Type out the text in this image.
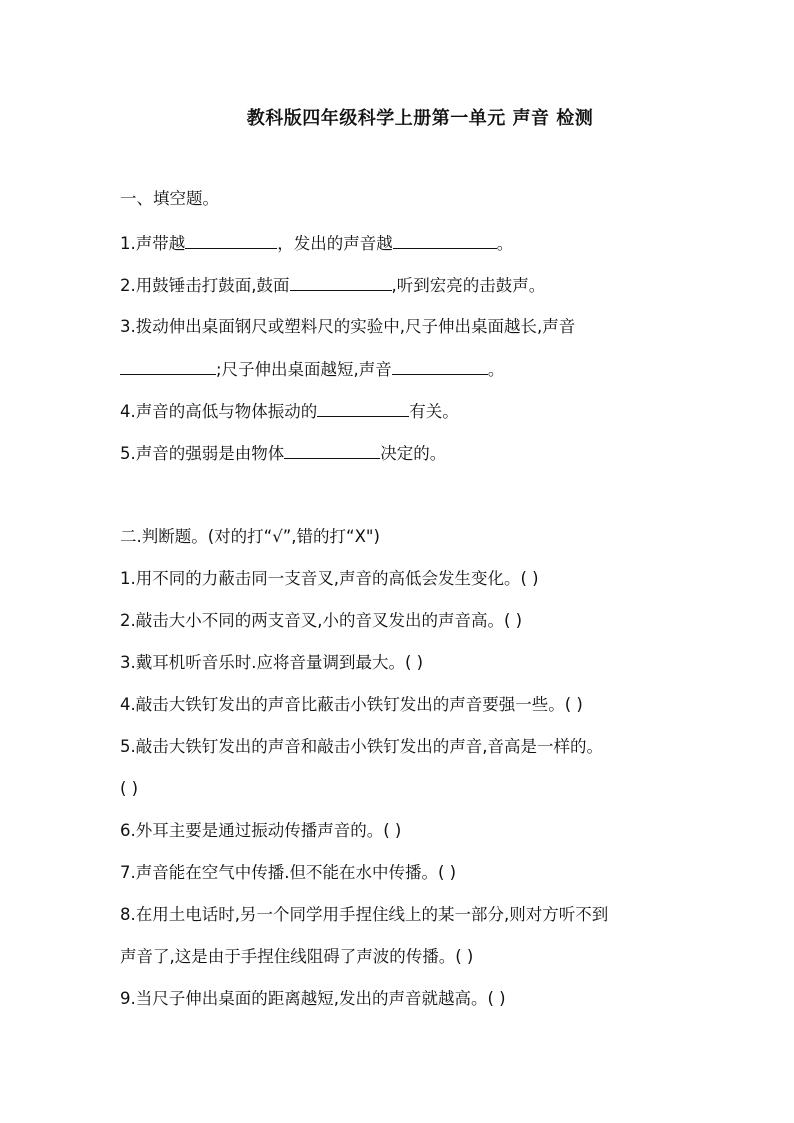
教科版四年级科学上册第一单元 声音 检测
一、填空题。
1.声带越	，发出的声音越	。
2.用鼓锤击打鼓面,鼓面	,听到宏亮的击鼓声。
3.拨动伸出桌面钢尺或塑料尺的实验中,尺子伸出桌面越长,声音
;尺子伸出桌面越短,声音	。
4.声音的高低与物体振动的	有关。
5.声音的强弱是由物体	决定的。
二.判断题。(对的打“√”,错的打“X")
1.用不同的力蔽击同一支音叉,声音的高低会发生变化。( )
2.敲击大小不同的两支音叉,小的音叉发出的声音高。( )
3.戴耳机听音乐时.应将音量调到最大。( )
4.敲击大铁钉发出的声音比蔽击小铁钉发出的声音要强一些。( )
5.敲击大铁钉发出的声音和敲击小铁钉发出的声音,音高是一样的。
( )
6.外耳主要是通过振动传播声音的。( )
7.声音能在空气中传播.但不能在水中传播。( )
8.在用土电话时,另一个同学用手捏住线上的某一部分,则对方听不到
声音了,这是由于手捏住线阻碍了声波的传播。( )
9.当尺子伸出桌面的距离越短,发出的声音就越高。( )
